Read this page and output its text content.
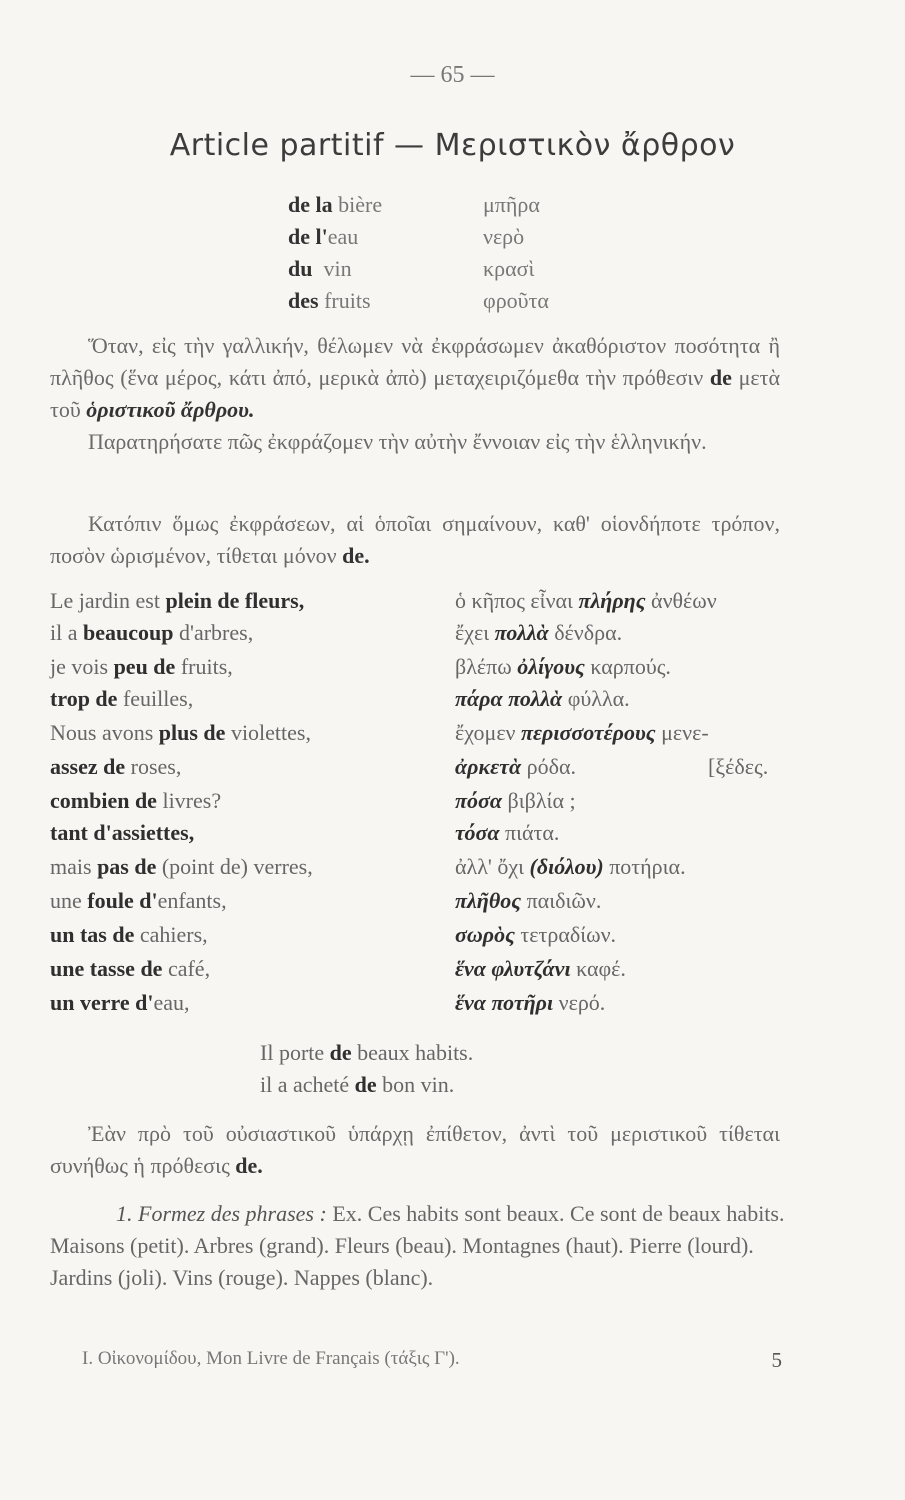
— 65 —
Article partitif — Μεριστικὸν ἄρθρον
de la bière	μπῆρα
de l'eau	νερὸ
du vin	κρασὶ
des fruits	φροῦτα
Ὅταν, εἰς τὴν γαλλικήν, θέλωμεν νὰ ἐκφράσωμεν ἀκαθόριστον ποσότητα ἢ πλῆθος (ἕνα μέρος, κάτι ἀπό, μερικὰ ἀπὸ) μεταχειριζόμεθα τὴν πρόθεσιν de μετὰ τοῦ ὁριστικοῦ ἄρθρου.
Παρατηρήσατε πῶς ἐκφράζομεν τὴν αὐτὴν ἔννοιαν εἰς τὴν ἑλληνικήν.
Κατόπιν ὅμως ἐκφράσεων, αἱ ὁποῖαι σημαίνουν, καθ' οἱονδήποτε τρόπον, ποσὸν ὡρισμένον, τίθεται μόνον de.
Le jardin est plein de fleurs,	ὁ κῆπος εἶναι πλήρης ἀνθέων
il a beaucoup d'arbres,	ἔχει πολλὰ δένδρα.
je vois peu de fruits,	βλέπω ὀλίγους καρπούς.
trop de feuilles,	πάρα πολλὰ φύλλα.
Nous avons plus de violettes,	ἔχομεν περισσοτέρους μενε-
assez de roses,	ἀρκετὰ ρόδα.	[ξέδες.
combien de livres?	πόσα βιβλία ;
tant d'assiettes,	τόσα πιάτα.
mais pas de (point de) verres,	ἀλλ' ὄχι (διόλου) ποτήρια.
une foule d'enfants,	πλῆθος παιδιῶν.
un tas de cahiers,	σωρὸς τετραδίων.
une tasse de café,	ἕνα φλυτζάνι καφέ.
un verre d'eau,	ἕνα ποτῆρι νερό.
Il porte de beaux habits.
il a acheté de bon vin.
Ἐὰν πρὸ τοῦ οὐσιαστικοῦ ὑπάρχῃ ἐπίθετον, ἀντὶ τοῦ μεριστικοῦ τίθεται συνήθως ἡ πρόθεσις de.
1. Formez des phrases : Ex. Ces habits sont beaux. Ce sont de beaux habits. Maisons (petit). Arbres (grand). Fleurs (beau). Montagnes (haut). Pierre (lourd). Jardins (joli). Vins (rouge). Nappes (blanc).
I. Οἰκονομίδου, Mon Livre de Français (τάξις Γ').	5
